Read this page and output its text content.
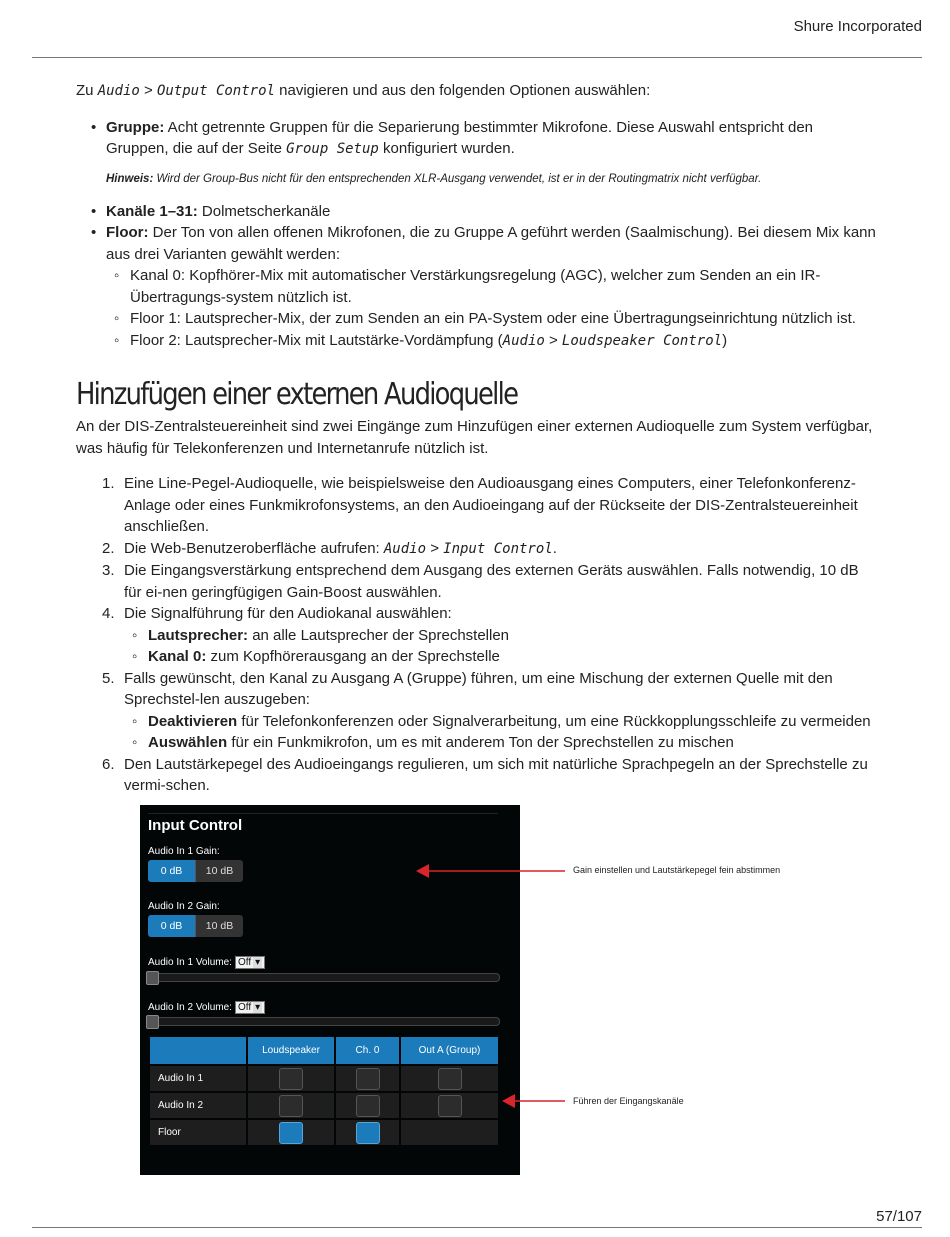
Shure Incorporated

Zu Audio > Output Control navigieren und aus den folgenden Optionen auswählen:

• Gruppe: Acht getrennte Gruppen für die Separierung bestimmter Mikrofone. Diese Auswahl entspricht den Gruppen, die auf der Seite Group Setup konfiguriert wurden.
Hinweis: Wird der Group-Bus nicht für den entsprechenden XLR-Ausgang verwendet, ist er in der Routingmatrix nicht verfügbar.
• Kanäle 1–31: Dolmetscherkanäle
• Floor: Der Ton von allen offenen Mikrofonen, die zu Gruppe A geführt werden (Saalmischung). Bei diesem Mix kann aus drei Varianten gewählt werden:
◦ Kanal 0: Kopfhörer-Mix mit automatischer Verstärkungsregelung (AGC), welcher zum Senden an ein IR-Übertragungs-system nützlich ist.
◦ Floor 1: Lautsprecher-Mix, der zum Senden an ein PA-System oder eine Übertragungseinrichtung nützlich ist.
◦ Floor 2: Lautsprecher-Mix mit Lautstärke-Vordämpfung (Audio > Loudspeaker Control)
Hinzufügen einer externen Audioquelle

An der DIS-Zentralsteuereinheit sind zwei Eingänge zum Hinzufügen einer externen Audioquelle zum System verfügbar, was häufig für Telekonferenzen und Internetanrufe nützlich ist.

1. Eine Line-Pegel-Audioquelle, wie beispielsweise den Audioausgang eines Computers, einer Telefonkonferenz-Anlage oder eines Funkmikrofonsystems, an den Audioeingang auf der Rückseite der DIS-Zentralsteuereinheit anschließen.
2. Die Web-Benutzeroberfläche aufrufen: Audio > Input Control.
3. Die Eingangsverstärkung entsprechend dem Ausgang des externen Geräts auswählen. Falls notwendig, 10 dB für ei-nen geringfügigen Gain-Boost auswählen.
4. Die Signalführung für den Audiokanal auswählen:
◦ Lautsprecher: an alle Lautsprecher der Sprechstellen
◦ Kanal 0: zum Kopfhörerausgang an der Sprechstelle
5. Falls gewünscht, den Kanal zu Ausgang A (Gruppe) führen, um eine Mischung der externen Quelle mit den Sprechstel-len auszugeben:
◦ Deaktivieren für Telefonkonferenzen oder Signalverarbeitung, um eine Rückkopplungsschleife zu vermeiden
◦ Auswählen für ein Funkmikrofon, um es mit anderem Ton der Sprechstellen zu mischen
6. Den Lautstärkepegel des Audioeingangs regulieren, um sich mit natürliche Sprachpegeln an der Sprechstelle zu vermi-schen.
Input Control
Audio In 1 Gain:
0 dB	10 dB
Audio In 2 Gain:
0 dB	10 dB
Audio In 1 Volume: Off ▾
Audio In 2 Volume: Off ▾
	Loudspeaker	Ch. 0	Out A (Group)
Audio In 1	

Audio In 2	

Floor	

Gain einstellen und Lautstärkepegel fein abstimmen
Führen der Eingangskanäle
57/107
